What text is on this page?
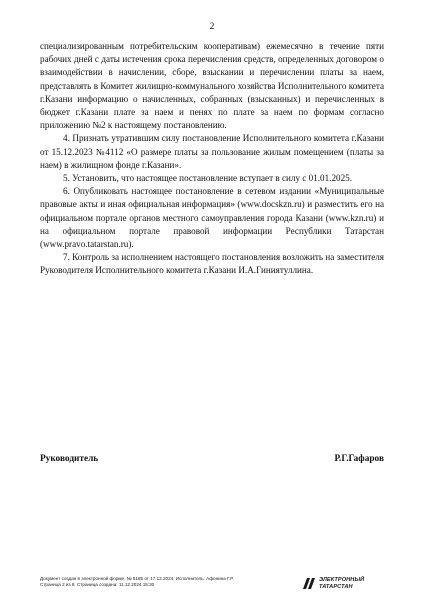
2

специализированным потребительским кооперативам) ежемесячно в течение пяти рабочих дней с даты истечения срока перечисления средств, определенных договором о взаимодействии в начислении, сборе, взыскании и перечислении платы за наем, представлять в Комитет жилищно-коммунального хозяйства Исполнительного комитета г.Казани информацию о начисленных, собранных (взысканных) и перечисленных в бюджет г.Казани плате за наем и пенях по плате за наем по формам согласно приложению №2 к настоящему постановлению.

4. Признать утратившим силу постановление Исполнительного комитета г.Казани от 15.12.2023 №4112 «О размере платы за пользование жилым помещением (платы за наем) в жилищном фонде г.Казани».

5. Установить, что настоящее постановление вступает в силу с 01.01.2025.

6. Опубликовать настоящее постановление в сетевом издании «Муниципальные правовые акты и иная официальная информация» (www.docskzn.ru) и разместить его на официальном портале органов местного самоуправления города Казани (www.kzn.ru) и на официальном портале правовой информации Республики Татарстан (www.pravo.tatarstan.ru).

7. Контроль за исполнением настоящего постановления возложить на заместителя Руководителя Исполнительного комитета г.Казани И.А.Гиниятуллина.

Руководитель	Р.Г.Гафаров
Документ создан в электронной форме. № 5185 от 17.12.2024. Исполнитель: Афонина Г.Р.
Страница 2 из 8. Страница создана: 11.12.2024 15:30
ЭЛЕКТРОННЫЙ
ТАТАРСТАН
